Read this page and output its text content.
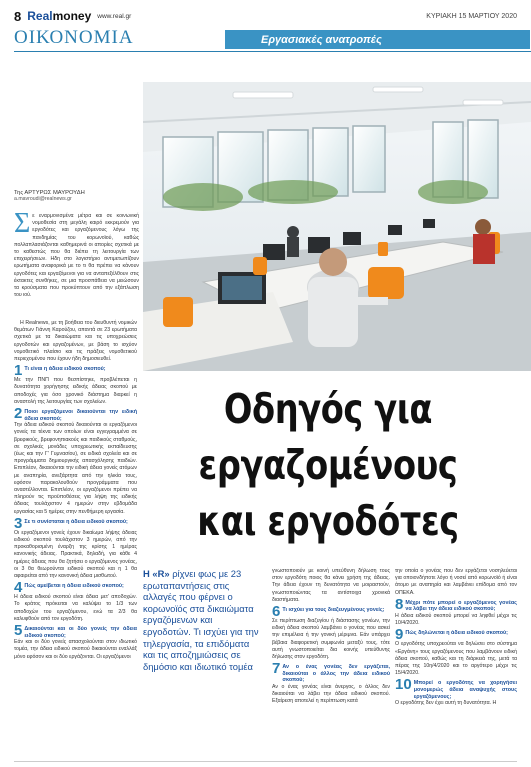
8 Realmoney www.real.gr	ΚΥΡΙΑΚΗ 15 ΜΑΡΤΙΟΥ 2020
ΟΙΚΟΝΟΜΙΑ	Εργασιακές ανατροπές
Της ΑΡΤΥΡΩΣ ΜΑΥΡΟΥΔΗ
a.mavroudi@realnews.gr
Σ ε εναρμονισμένα μέτρα και σε κοινωνική νομοθεσία στη μεγάλη καιρό εκκρεμούν για εργοδότες και εργαζόμενους λόγω της πανδημίας του κορωνοϊού, καθώς πολλαπλασιάζονται καθημερινά οι απορίες σχετικά με το καθεστώς που θα διέπει τη λειτουργία των επιχειρήσεων. Ηδη στο λογιστήριο αντιμετωπίζουν ερωτήματα αναφορικά με το τι θα πρέπει να κάνουν εργοδότες και εργαζόμενοι για να ανταπεξέλθουν στις έκτακτες συνθήκες, σε μια προσπάθεια να μειώσουν τα κρούσματα που προκύπτουν από την εξάπλωση του ιού.

Η Realnews, με τη βοήθεια του διευθυντή νομικών θεμάτων Γιάννη Καρούζου, απαντά σε 23 ερωτήματα σχετικά με τα δικαιώματα και τις υποχρεώσεις εργοδοτών και εργαζομένων, με βάση το ισχύον νομοθετικό πλαίσιο και τις πράξεις νομοθετικού περιεχομένου που έχουν ήδη δημοσιευθεί.

1 Τι είναι η άδεια ειδικού σκοπού;

Με την ΠΝΠ που θεσπίστηκε, προβλέπεται η δυνατότητα χορήγησης ειδικής άδειας σκοπού με αποδοχές για όσο χρονικό διάστημα διαρκεί η αναστολή της λειτουργίας των σχολείων.

2 Ποιοι εργαζόμενοι δικαιούνται την ειδική άδεια σκοπού;

Την άδεια ειδικού σκοπού δικαιούνται οι εργαζόμενοι γονείς τα τέκνα των οποίων είναι εγγεγραμμένα σε βρεφικούς, βρεφονηπιακούς και παιδικούς σταθμούς, σε σχολικές μονάδες υποχρεωτικής εκπαίδευσης (έως και την Γ' Γυμνασίου), σε ειδικά σχολεία και σε προγράμματα δημιουργικής απασχόλησης παιδιών. Επιπλέον, δικαιούνται την ειδική άδεια γονείς ατόμων με αναπηρία, ανεξάρτητα από την ηλικία τους, εφόσον παρακολουθούν προγράμματα που αναστέλλονται. Επιπλέον, οι εργαζόμενοι πρέπει να πληρούν τις προϋποθέσεις για λήψη της ειδικής άδειας τουλάχιστον 4 ημερών στην εβδομάδα εργασίας και 5 ημέρες στην πενθήμερη εργασία.

3 Σε τι συνίσταται η άδεια ειδικού σκοπού;

Οι εργαζόμενοι γονείς έχουν δικαίωμα λήψης άδειας ειδικού σκοπού τουλάχιστον 3 ημερών, από την προκαθορισμένη έναρξη της κρίσης 1 ημέρας κανονικής άδειας. Πρακτικά, δηλαδή, για κάθε 4 ημέρες άδειας που θα ζητήσει ο εργαζόμενος γονέας, οι 3 θα θεωρούνται ειδικού σκοπού και η 1 θα αφαιρείται από την κανονική άδεια μισθωτού.

4 Πώς αμείβεται η άδεια ειδικού σκοπού;

Η άδεια ειδικού σκοπού είναι άδεια μετ' αποδοχών. Το κράτος πρόκειται να καλύψει το 1/3 των αποδοχών του εργαζόμενου, ενώ τα 2/3 θα καλυφθούν από τον εργοδότη.

5 Δικαιούνται και οι δύο γονείς την άδεια ειδικού σκοπού;

Εάν και οι δύο γονείς απασχολούνται στον ιδιωτικό τομέα, την άδεια ειδικού σκοπού δικαιούνται εναλλάξ μόνο εφόσον και οι δύο εργάζονται. Οι εργαζόμενοι

Οδηγός για
εργαζομένους
και εργοδότες
Η «R» ρίχνει φως με 23 ερωταπαντήσεις στις αλλαγές που φέρνει ο κορωνοϊός στα δικαιώματα εργαζόμενων και εργοδοτών. Τι ισχύει για την τηλεργασία, τα επιδόματα και τις αποζημιώσεις σε δημόσιο και ιδιωτικό τομέα

γνωστοποιούν με κοινή υπεύθυνη δήλωση τους στον εργοδότη ποιος θα κάνει χρήση της άδειας. Την άδεια έχουν τη δυνατότητα να μοιραστούν, γνωστοποιώντας τα αντίστοιχα χρονικά διαστήματα.

6 Τι ισχύει για τους διαζευγμένους γονείς;

Σε περίπτωση διαζυγίου ή διάστασης γονέων, την ειδική άδεια σκοπού λαμβάνει ο γονέας που ασκεί την επιμέλεια ή την γονική μέριμνα. Εάν υπάρχει βέβαια διαφορετική συμφωνία μεταξύ τους, τότε αυτή γνωστοποιείται δια κοινής υπεύθυνης δήλωσης στον εργοδότη.

7 Αν ο ένας γονέας δεν εργάζεται, δικαιούται ο άλλος την άδεια ειδικού σκοπού;

Αν ο ένας γονέας είναι άνεργος, ο άλλος δεν δικαιούται να λάβει την άδεια ειδικού σκοπού. Εξαίρεση αποτελεί η περίπτωση κατά

την οποία ο γονέας που δεν εργάζεται νοσηλεύεται για οποιονδήποτε λόγο ή νοσεί από κορωνοϊό ή είναι άτομο με αναπηρία και λαμβάνει επίδομα από τον ΟΠΕΚΑ.

8 Μέχρι πότε μπορεί ο εργαζόμενος γονέας να λάβει την άδεια ειδικού σκοπού;

Η άδεια ειδικού σκοπού μπορεί να ληφθεί μέχρι τις 10/4/2020.

9 Πώς δηλώνεται η άδεια ειδικού σκοπού;

Ο εργοδότης υποχρεούται να δηλώσει στο σύστημα «Εργάνη» τους εργαζόμενους που λαμβάνουν ειδική άδεια σκοπού, καθώς και τη διάρκειά της, μετά τα πέρας της 10η/4/2020 και το αργότερο μέχρι τις 15/4/2020.

10 Μπορεί ο εργοδότης να χορηγήσει μονομερώς άδεια αναψυχής στους εργαζόμενους;

Ο εργοδότης δεν έχει αυτή τη δυνατότητα. Η
